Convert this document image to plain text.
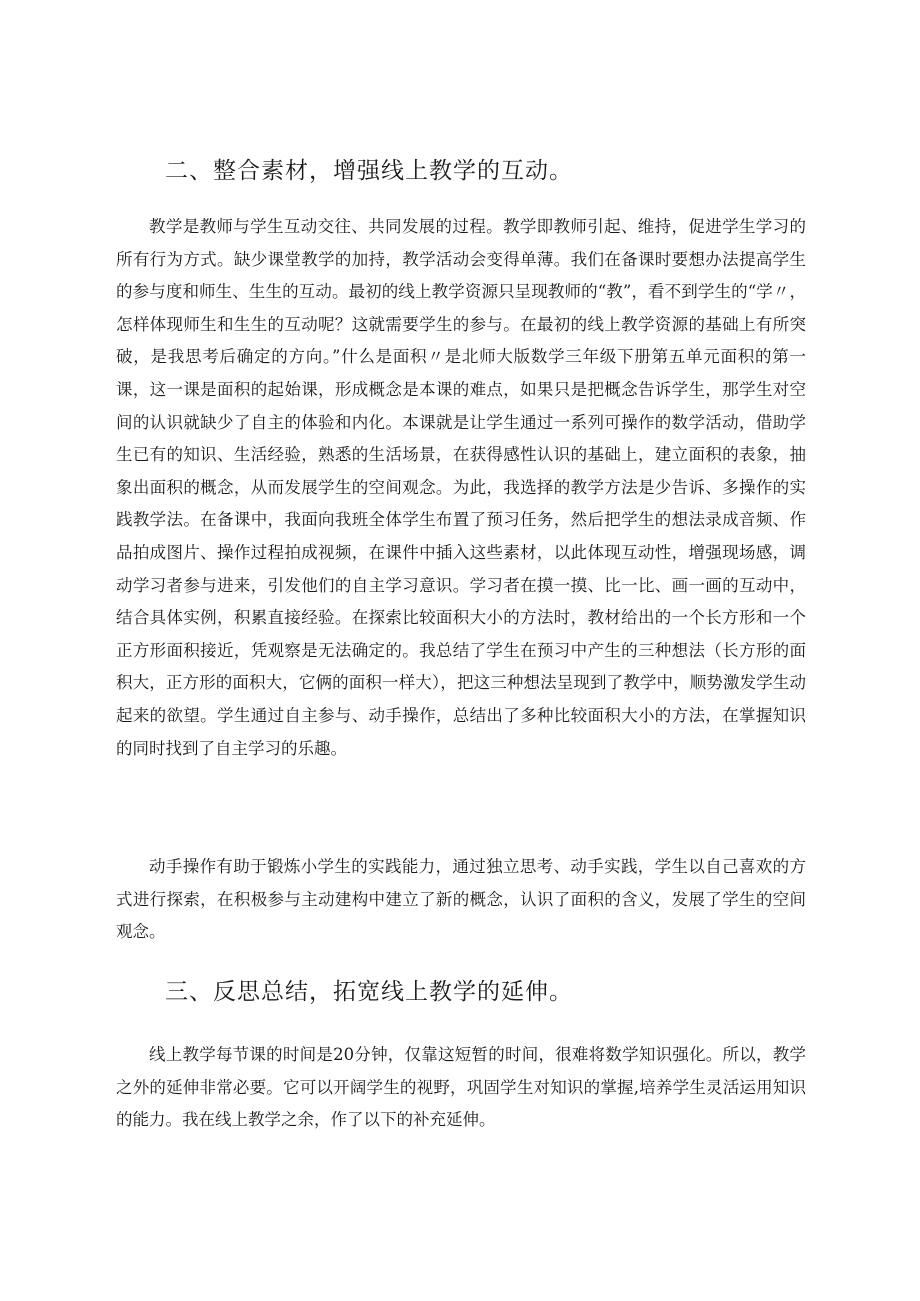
二、整合素材，增强线上教学的互动。

教学是教师与学生互动交往、共同发展的过程。教学即教师引起、维持，促进学生学习的所有行为方式。缺少课堂教学的加持，教学活动会变得单薄。我们在备课时要想办法提高学生的参与度和师生、生生的互动。最初的线上教学资源只呈现教师的“教”，看不到学生的“学〃，怎样体现师生和生生的互动呢？这就需要学生的参与。在最初的线上教学资源的基础上有所突破，是我思考后确定的方向。”什么是面积〃是北师大版数学三年级下册第五单元面积的第一课，这一课是面积的起始课，形成概念是本课的难点，如果只是把概念告诉学生，那学生对空间的认识就缺少了自主的体验和内化。本课就是让学生通过一系列可操作的数学活动，借助学生已有的知识、生活经验，熟悉的生活场景，在获得感性认识的基础上，建立面积的表象，抽象出面积的概念，从而发展学生的空间观念。为此，我选择的教学方法是少告诉、多操作的实践教学法。在备课中，我面向我班全体学生布置了预习任务，然后把学生的想法录成音频、作品拍成图片、操作过程拍成视频，在课件中插入这些素材，以此体现互动性，增强现场感，调动学习者参与进来，引发他们的自主学习意识。学习者在摸一摸、比一比、画一画的互动中，结合具体实例，积累直接经验。在探索比较面积大小的方法时，教材给出的一个长方形和一个正方形面积接近，凭观察是无法确定的。我总结了学生在预习中产生的三种想法（长方形的面积大，正方形的面积大，它俩的面积一样大），把这三种想法呈现到了教学中，顺势激发学生动起来的欲望。学生通过自主参与、动手操作，总结出了多种比较面积大小的方法，在掌握知识的同时找到了自主学习的乐趣。

动手操作有助于锻炼小学生的实践能力，通过独立思考、动手实践，学生以自己喜欢的方式进行探索，在积极参与主动建构中建立了新的概念，认识了面积的含义，发展了学生的空间观念。

三、反思总结，拓宽线上教学的延伸。

线上教学每节课的时间是20分钟，仅靠这短暂的时间，很难将数学知识强化。所以，教学之外的延伸非常必要。它可以开阔学生的视野，巩固学生对知识的掌握,培养学生灵活运用知识的能力。我在线上教学之余，作了以下的补充延伸。
